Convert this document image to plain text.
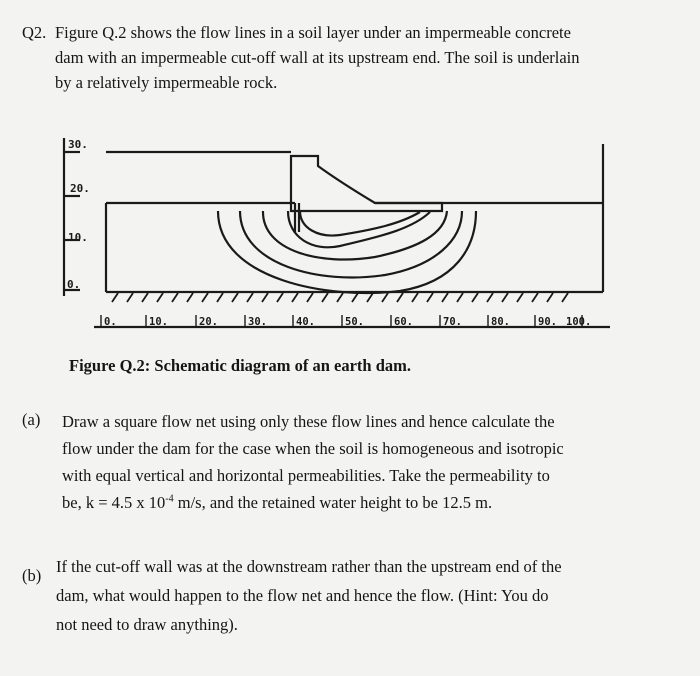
Q2. Figure Q.2 shows the flow lines in a soil layer under an impermeable concrete
dam with an impermeable cut-off wall at its upstream end. The soil is underlain
by a relatively impermeable rock.
30.
20.
10.
0.
0.	10.	20.	30.	40.	50.	60.	70.	80.	90. 100.
Figure Q.2: Schematic diagram of an earth dam.
(a) Draw a square flow net using only these flow lines and hence calculate the
flow under the dam for the case when the soil is homogeneous and isotropic
with equal vertical and horizontal permeabilities. Take the permeability to
be, k = 4.5 x $10^{-4}$ m/s, and the retained water height to be 12.5 m.
(b) If the cut-off wall was at the downstream rather than the upstream end of the
dam, what would happen to the flow net and hence the flow. (Hint: You do
not need to draw anything).
